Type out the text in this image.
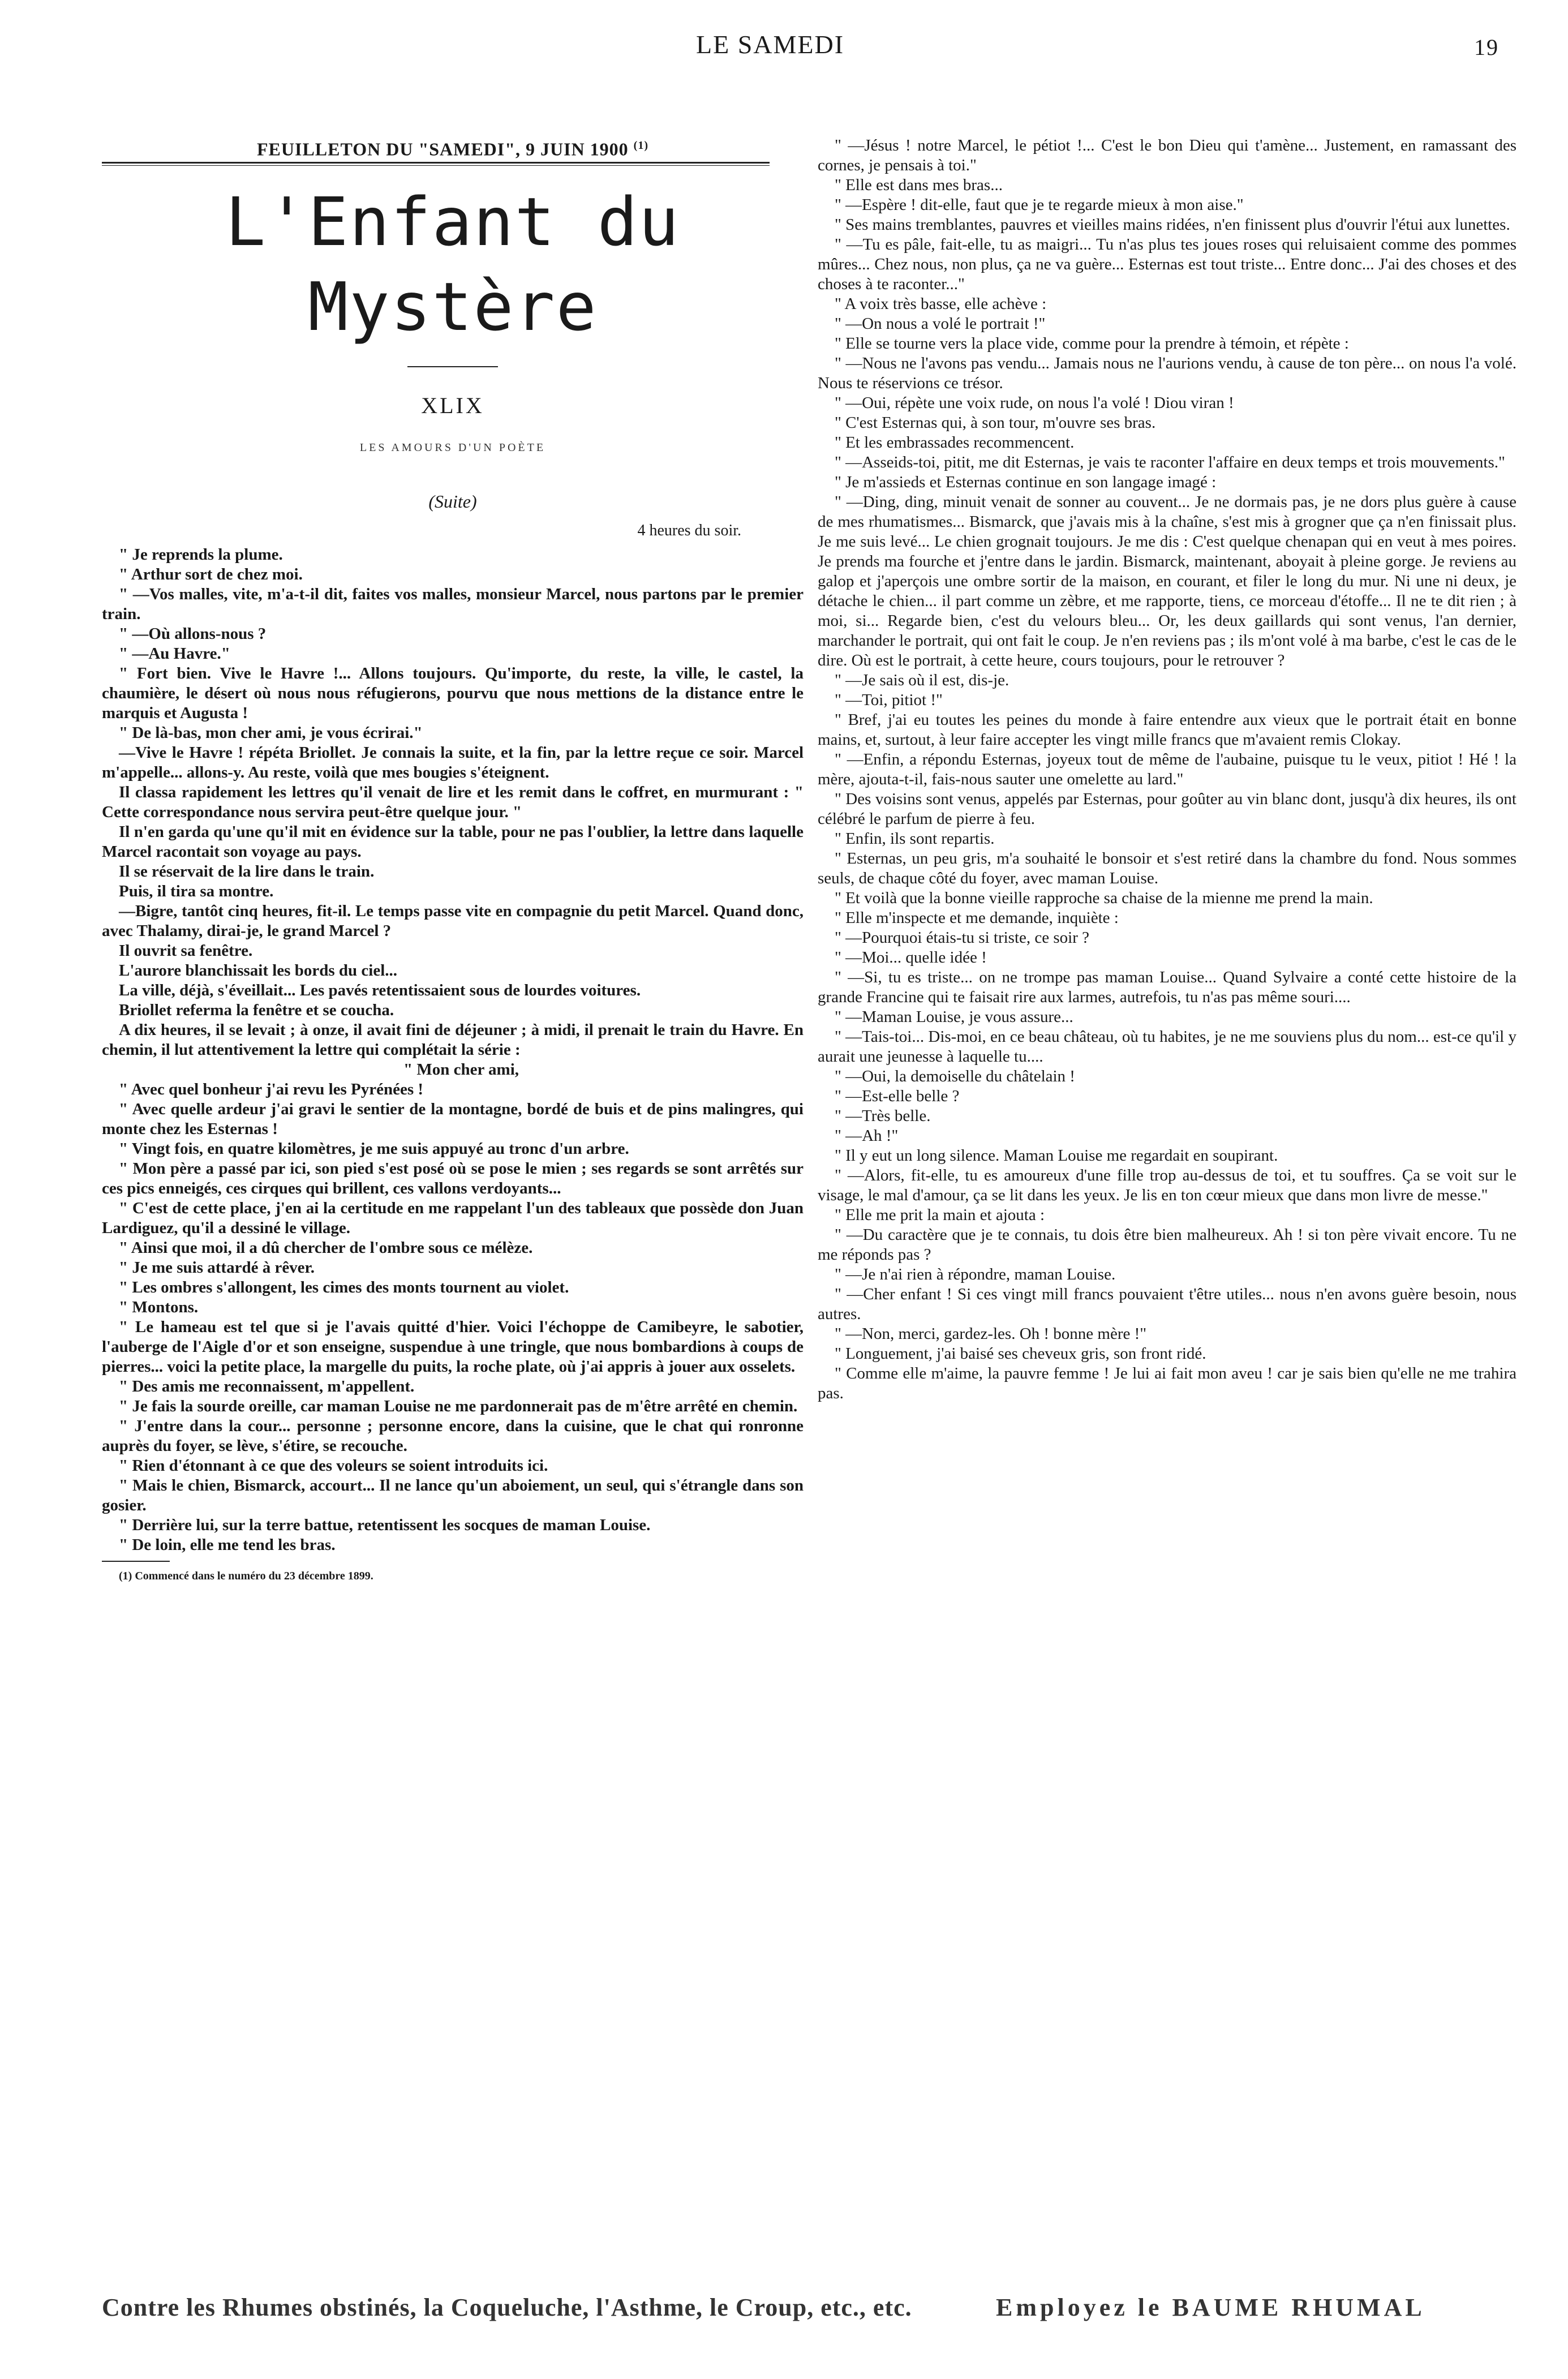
LE SAMEDI	19
FEUILLETON DU "SAMEDI", 9 JUIN 1900 $^{(1)}$
L'Enfant du Mystère
XLIX
LES AMOURS D'UN POÈTE
(Suite)
4 heures du soir.

" Je reprends la plume.

" Arthur sort de chez moi.

" —Vos malles, vite, m'a-t-il dit, faites vos malles, monsieur Marcel, nous partons par le premier train.

" —Où allons-nous ?

" —Au Havre."

" Fort bien. Vive le Havre !... Allons toujours. Qu'importe, du reste, la ville, le castel, la chaumière, le désert où nous nous réfugierons, pourvu que nous mettions de la distance entre le marquis et Augusta !

" De là-bas, mon cher ami, je vous écrirai."

—Vive le Havre ! répéta Briollet. Je connais la suite, et la fin, par la lettre reçue ce soir. Marcel m'appelle... allons-y. Au reste, voilà que mes bougies s'éteignent.

Il classa rapidement les lettres qu'il venait de lire et les remit dans le coffret, en murmurant : " Cette correspondance nous servira peut-être quelque jour. "

Il n'en garda qu'une qu'il mit en évidence sur la table, pour ne pas l'oublier, la lettre dans laquelle Marcel racontait son voyage au pays.

Il se réservait de la lire dans le train.

Puis, il tira sa montre.

—Bigre, tantôt cinq heures, fit-il. Le temps passe vite en compagnie du petit Marcel. Quand donc, avec Thalamy, dirai-je, le grand Marcel ?

Il ouvrit sa fenêtre.

L'aurore blanchissait les bords du ciel...

La ville, déjà, s'éveillait... Les pavés retentissaient sous de lourdes voitures.

Briollet referma la fenêtre et se coucha.

A dix heures, il se levait ; à onze, il avait fini de déjeuner ; à midi, il prenait le train du Havre. En chemin, il lut attentivement la lettre qui complétait la série :

" Mon cher ami,

" Avec quel bonheur j'ai revu les Pyrénées !

" Avec quelle ardeur j'ai gravi le sentier de la montagne, bordé de buis et de pins malingres, qui monte chez les Esternas !

" Vingt fois, en quatre kilomètres, je me suis appuyé au tronc d'un arbre.

" Mon père a passé par ici, son pied s'est posé où se pose le mien ; ses regards se sont arrêtés sur ces pics enneigés, ces cirques qui brillent, ces vallons verdoyants...

" C'est de cette place, j'en ai la certitude en me rappelant l'un des tableaux que possède don Juan Lardiguez, qu'il a dessiné le village.

" Ainsi que moi, il a dû chercher de l'ombre sous ce mélèze.

" Je me suis attardé à rêver.

" Les ombres s'allongent, les cimes des monts tournent au violet.

" Montons.

" Le hameau est tel que si je l'avais quitté d'hier. Voici l'échoppe de Camibeyre, le sabotier, l'auberge de l'Aigle d'or et son enseigne, suspendue à une tringle, que nous bombardions à coups de pierres... voici la petite place, la margelle du puits, la roche plate, où j'ai appris à jouer aux osselets.

" Des amis me reconnaissent, m'appellent.

" Je fais la sourde oreille, car maman Louise ne me pardonnerait pas de m'être arrêté en chemin.

" J'entre dans la cour... personne ; personne encore, dans la cuisine, que le chat qui ronronne auprès du foyer, se lève, s'étire, se recouche.

" Rien d'étonnant à ce que des voleurs se soient introduits ici.

" Mais le chien, Bismarck, accourt... Il ne lance qu'un aboiement, un seul, qui s'étrangle dans son gosier.

" Derrière lui, sur la terre battue, retentissent les socques de maman Louise.

" De loin, elle me tend les bras.

(1) Commencé dans le numéro du 23 décembre 1899.

" —Jésus ! notre Marcel, le pétiot !... C'est le bon Dieu qui t'amène... Justement, en ramassant des cornes, je pensais à toi."

" Elle est dans mes bras...

" —Espère ! dit-elle, faut que je te regarde mieux à mon aise."

" Ses mains tremblantes, pauvres et vieilles mains ridées, n'en finissent plus d'ouvrir l'étui aux lunettes.

" —Tu es pâle, fait-elle, tu as maigri... Tu n'as plus tes joues roses qui reluisaient comme des pommes mûres... Chez nous, non plus, ça ne va guère... Esternas est tout triste... Entre donc... J'ai des choses et des choses à te raconter..."

" A voix très basse, elle achève :

" —On nous a volé le portrait !"

" Elle se tourne vers la place vide, comme pour la prendre à témoin, et répète :

" —Nous ne l'avons pas vendu... Jamais nous ne l'aurions vendu, à cause de ton père... on nous l'a volé. Nous te réservions ce trésor.

" —Oui, répète une voix rude, on nous l'a volé ! Diou viran !

" C'est Esternas qui, à son tour, m'ouvre ses bras.

" Et les embrassades recommencent.

" —Asseids-toi, pitit, me dit Esternas, je vais te raconter l'affaire en deux temps et trois mouvements."

" Je m'assieds et Esternas continue en son langage imagé :

" —Ding, ding, minuit venait de sonner au couvent... Je ne dormais pas, je ne dors plus guère à cause de mes rhumatismes... Bismarck, que j'avais mis à la chaîne, s'est mis à grogner que ça n'en finissait plus. Je me suis levé... Le chien grognait toujours. Je me dis : C'est quelque chenapan qui en veut à mes poires. Je prends ma fourche et j'entre dans le jardin. Bismarck, maintenant, aboyait à pleine gorge. Je reviens au galop et j'aperçois une ombre sortir de la maison, en courant, et filer le long du mur. Ni une ni deux, je détache le chien... il part comme un zèbre, et me rapporte, tiens, ce morceau d'étoffe... Il ne te dit rien ; à moi, si... Regarde bien, c'est du velours bleu... Or, les deux gaillards qui sont venus, l'an dernier, marchander le portrait, qui ont fait le coup. Je n'en reviens pas ; ils m'ont volé à ma barbe, c'est le cas de le dire. Où est le portrait, à cette heure, cours toujours, pour le retrouver ?

" —Je sais où il est, dis-je.

" —Toi, pitiot !"

" Bref, j'ai eu toutes les peines du monde à faire entendre aux vieux que le portrait était en bonne mains, et, surtout, à leur faire accepter les vingt mille francs que m'avaient remis Clokay.

" —Enfin, a répondu Esternas, joyeux tout de même de l'aubaine, puisque tu le veux, pitiot ! Hé ! la mère, ajouta-t-il, fais-nous sauter une omelette au lard."

" Des voisins sont venus, appelés par Esternas, pour goûter au vin blanc dont, jusqu'à dix heures, ils ont célébré le parfum de pierre à feu.

" Enfin, ils sont repartis.

" Esternas, un peu gris, m'a souhaité le bonsoir et s'est retiré dans la chambre du fond. Nous sommes seuls, de chaque côté du foyer, avec maman Louise.

" Et voilà que la bonne vieille rapproche sa chaise de la mienne me prend la main.

" Elle m'inspecte et me demande, inquiète :

" —Pourquoi étais-tu si triste, ce soir ?

" —Moi... quelle idée !

" —Si, tu es triste... on ne trompe pas maman Louise... Quand Sylvaire a conté cette histoire de la grande Francine qui te faisait rire aux larmes, autrefois, tu n'as pas même souri....

" —Maman Louise, je vous assure...

" —Tais-toi... Dis-moi, en ce beau château, où tu habites, je ne me souviens plus du nom... est-ce qu'il y aurait une jeunesse à laquelle tu....

" —Oui, la demoiselle du châtelain !

" —Est-elle belle ?

" —Très belle.

" —Ah !"

" Il y eut un long silence. Maman Louise me regardait en soupirant.

" —Alors, fit-elle, tu es amoureux d'une fille trop au-dessus de toi, et tu souffres. Ça se voit sur le visage, le mal d'amour, ça se lit dans les yeux. Je lis en ton cœur mieux que dans mon livre de messe."

" Elle me prit la main et ajouta :

" —Du caractère que je te connais, tu dois être bien malheureux. Ah ! si ton père vivait encore. Tu ne me réponds pas ?

" —Je n'ai rien à répondre, maman Louise.

" —Cher enfant ! Si ces vingt mill francs pouvaient t'être utiles... nous n'en avons guère besoin, nous autres.

" —Non, merci, gardez-les. Oh ! bonne mère !"

" Longuement, j'ai baisé ses cheveux gris, son front ridé.

" Comme elle m'aime, la pauvre femme ! Je lui ai fait mon aveu ! car je sais bien qu'elle ne me trahira pas.

Contre les Rhumes obstinés, la Coqueluche, l'Asthme, le Croup, etc., etc.	Employez le BAUME RHUMAL
